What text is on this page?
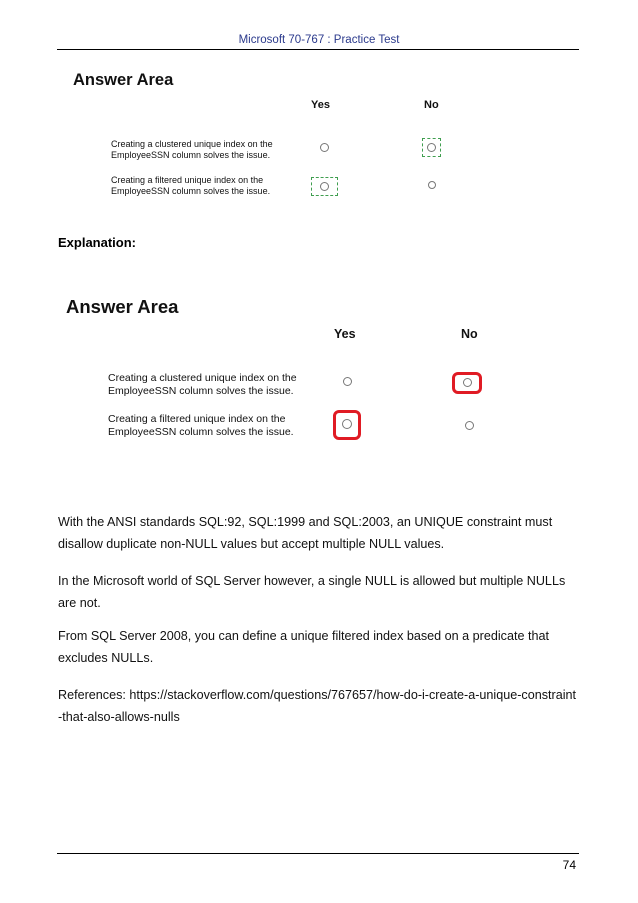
Microsoft 70-767 : Practice Test
Answer Area
Yes	No
Creating a clustered unique index on the
EmployeeSSN column solves the issue.
Creating a filtered unique index on the
EmployeeSSN column solves the issue.
Explanation:
Answer Area
Yes	No
Creating a clustered unique index on the
EmployeeSSN column solves the issue.
Creating a filtered unique index on the
EmployeeSSN column solves the issue.
With the ANSI standards SQL:92, SQL:1999 and SQL:2003, an UNIQUE constraint must disallow duplicate non-NULL values but accept multiple NULL values.
In the Microsoft world of SQL Server however, a single NULL is allowed but multiple NULLs are not.
From SQL Server 2008, you can define a unique filtered index based on a predicate that excludes NULLs.
References: https://stackoverflow.com/questions/767657/how-do-i-create-a-unique-constraint-that-also-allows-nulls
74
